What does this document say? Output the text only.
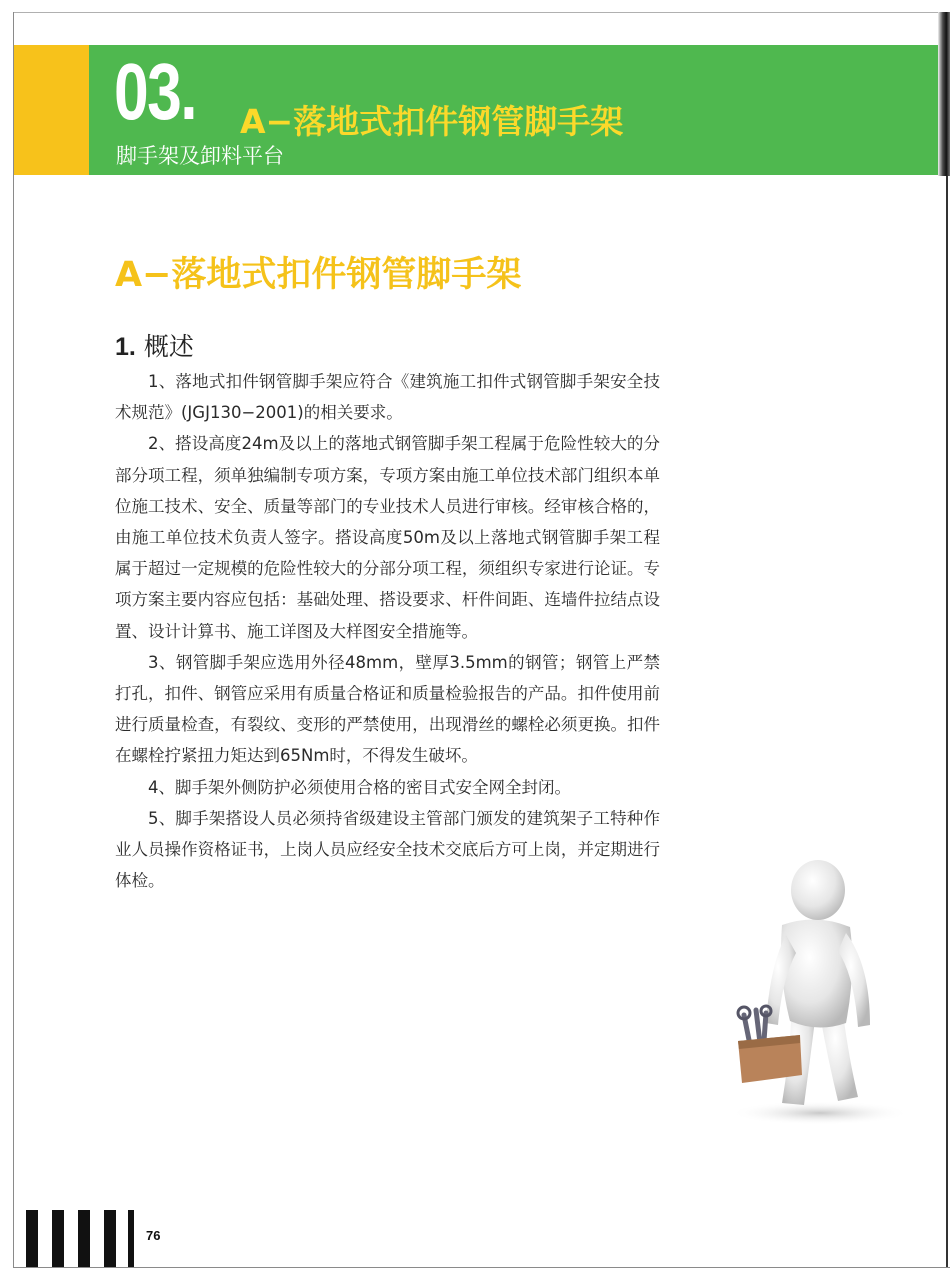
03. A−落地式扣件钢管脚手架
脚手架及卸料平台
A−落地式扣件钢管脚手架
1. 概述

1、落地式扣件钢管脚手架应符合《建筑施工扣件式钢管脚手架安全技术规范》(JGJ130−2001)的相关要求。

2、搭设高度24m及以上的落地式钢管脚手架工程属于危险性较大的分部分项工程，须单独编制专项方案，专项方案由施工单位技术部门组织本单位施工技术、安全、质量等部门的专业技术人员进行审核。经审核合格的，由施工单位技术负责人签字。搭设高度50m及以上落地式钢管脚手架工程属于超过一定规模的危险性较大的分部分项工程，须组织专家进行论证。专项方案主要内容应包括：基础处理、搭设要求、杆件间距、连墙件拉结点设置、设计计算书、施工详图及大样图安全措施等。

3、钢管脚手架应选用外径48mm，壁厚3.5mm的钢管；钢管上严禁打孔，扣件、钢管应采用有质量合格证和质量检验报告的产品。扣件使用前进行质量检查，有裂纹、变形的严禁使用，出现滑丝的螺栓必须更换。扣件在螺栓拧紧扭力矩达到65Nm时，不得发生破坏。

4、脚手架外侧防护必须使用合格的密目式安全网全封闭。

5、脚手架搭设人员必须持省级建设主管部门颁发的建筑架子工特种作业人员操作资格证书，上岗人员应经安全技术交底后方可上岗，并定期进行体检。

76
